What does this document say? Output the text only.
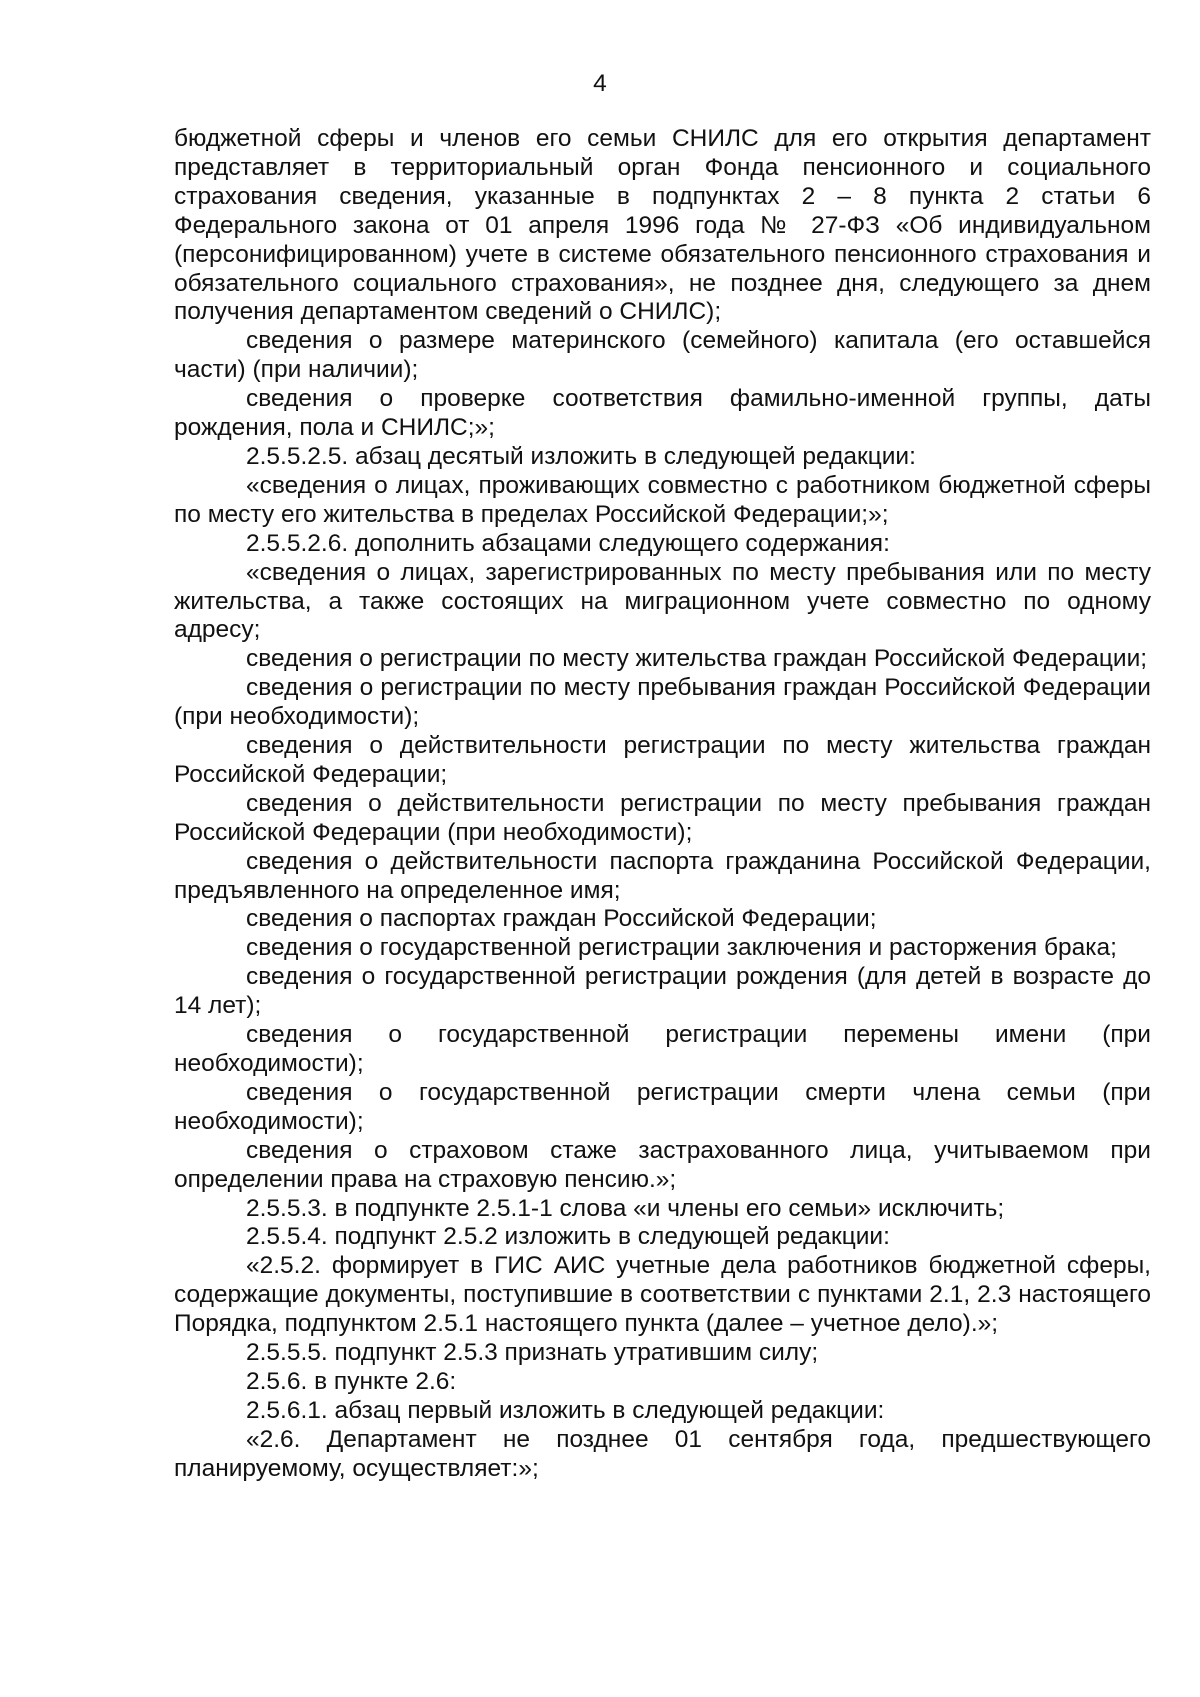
4

бюджетной сферы и членов его семьи СНИЛС для его открытия департамент представляет в территориальный орган Фонда пенсионного и социального страхования сведения, указанные в подпунктах 2 – 8 пункта 2 статьи 6 Федерального закона от 01 апреля 1996 года № 27-ФЗ «Об индивидуальном (персонифицированном) учете в системе обязательного пенсионного страхования и обязательного социального страхования», не позднее дня, следующего за днем получения департаментом сведений о СНИЛС);

сведения о размере материнского (семейного) капитала (его оставшейся части) (при наличии);

сведения о проверке соответствия фамильно-именной группы, даты рождения, пола и СНИЛС;»;

2.5.5.2.5. абзац десятый изложить в следующей редакции:

«сведения о лицах, проживающих совместно с работником бюджетной сферы по месту его жительства в пределах Российской Федерации;»;

2.5.5.2.6. дополнить абзацами следующего содержания:

«сведения о лицах, зарегистрированных по месту пребывания или по месту жительства, а также состоящих на миграционном учете совместно по одному адресу;

сведения о регистрации по месту жительства граждан Российской Федерации;

сведения о регистрации по месту пребывания граждан Российской Федерации (при необходимости);

сведения о действительности регистрации по месту жительства граждан Российской Федерации;

сведения о действительности регистрации по месту пребывания граждан Российской Федерации (при необходимости);

сведения о действительности паспорта гражданина Российской Федерации, предъявленного на определенное имя;

сведения о паспортах граждан Российской Федерации;

сведения о государственной регистрации заключения и расторжения брака;

сведения о государственной регистрации рождения (для детей в возрасте до 14 лет);

сведения о государственной регистрации перемены имени (при необходимости);

сведения о государственной регистрации смерти члена семьи (при необходимости);

сведения о страховом стаже застрахованного лица, учитываемом при определении права на страховую пенсию.»;

2.5.5.3. в подпункте 2.5.1-1 слова «и члены его семьи» исключить;

2.5.5.4. подпункт 2.5.2 изложить в следующей редакции:

«2.5.2. формирует в ГИС АИС учетные дела работников бюджетной сферы, содержащие документы, поступившие в соответствии с пунктами 2.1, 2.3 настоящего Порядка, подпунктом 2.5.1 настоящего пункта (далее – учетное дело).»;

2.5.5.5. подпункт 2.5.3 признать утратившим силу;

2.5.6. в пункте 2.6:

2.5.6.1. абзац первый изложить в следующей редакции:

«2.6. Департамент не позднее 01 сентября года, предшествующего планируемому, осуществляет:»;
